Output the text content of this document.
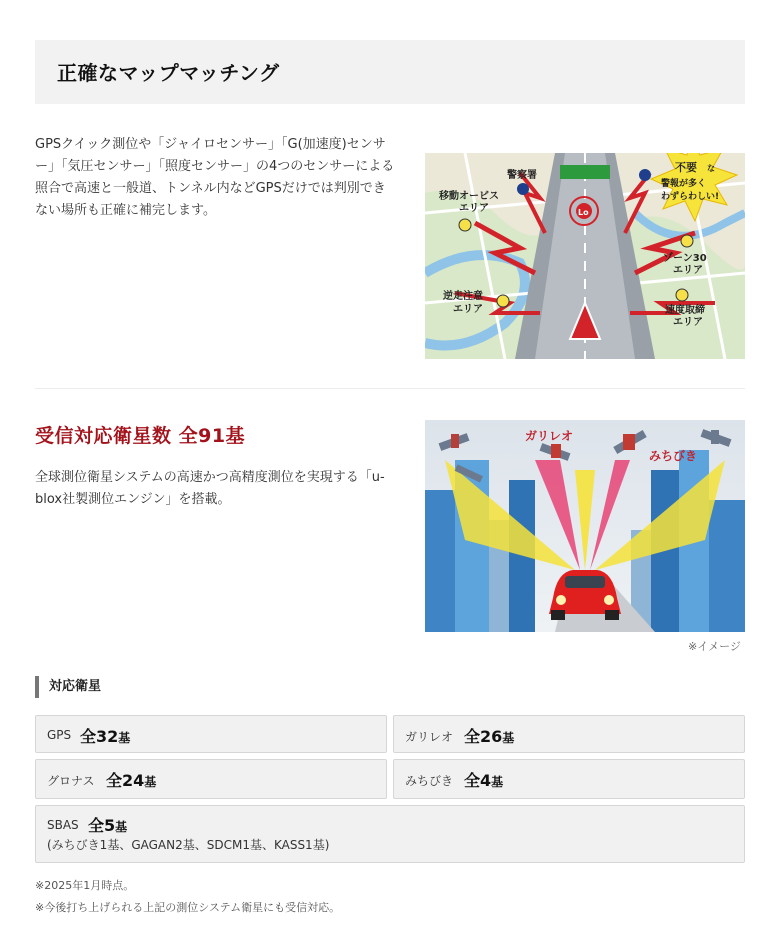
正確なマップマッチング

GPSクイック測位や「ジャイロセンサー」「G(加速度)センサー」「気圧センサー」「照度センサー」の4つのセンサーによる照合で高速と一般道、トンネル内などGPSだけでは判別できない場所も正確に補完します。	Lo
警察署
移動オービス
エリア
逆走注意
エリア
ゾーン30
エリア
速度取締
エリア
不要 な
警報が多く
わずらわしい!
受信対応衛星数 全91基

全球測位衛星システムの高速かつ高精度測位を実現する「u-blox社製測位エンジン」を搭載。

ガリレオ
みちびき
※イメージ
対応衛星
GPS 全32基	ガリレオ 全26基
グロナス 全24基	みちびき 全4基
SBAS 全5基
(みちびき1基、GAGAN2基、SDCM1基、KASS1基)

※2025年1月時点。

※今後打ち上げられる上記の測位システム衛星にも受信対応。
